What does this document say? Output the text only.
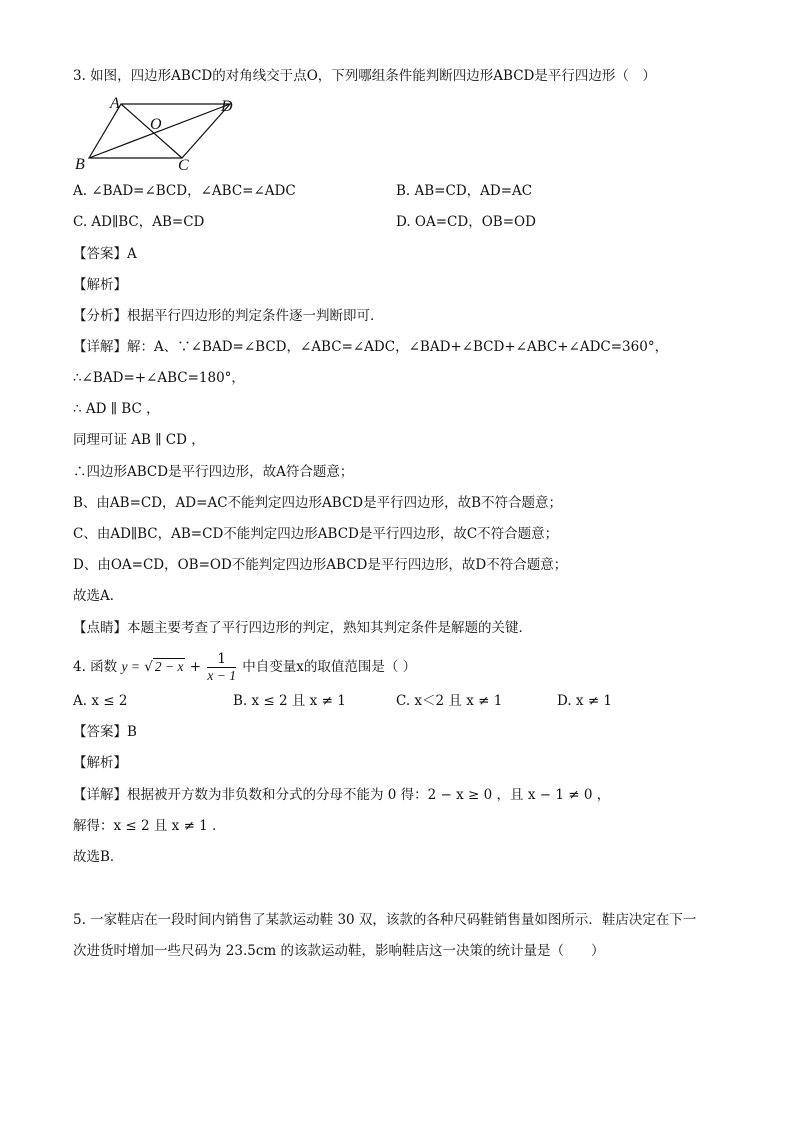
3. 如图，四边形ABCD的对角线交于点O，下列哪组条件能判断四边形ABCD是平行四边形（　）
A	D
O
B	C
A. ∠BAD=∠BCD，∠ABC=∠ADC	B. AB=CD，AD=AC
C. AD∥BC，AB=CD	D. OA=CD，OB=OD
【答案】A
【解析】
【分析】根据平行四边形的判定条件逐一判断即可．
【详解】解：A、∵∠BAD=∠BCD，∠ABC=∠ADC，∠BAD+∠BCD+∠ABC+∠ADC=360°，
∴∠BAD=+∠ABC=180°，
∴ AD ∥ BC ，
同理可证 AB ∥ CD ，
∴四边形ABCD是平行四边形，故A符合题意；
B、由AB=CD，AD=AC不能判定四边形ABCD是平行四边形，故B不符合题意；
C、由AD∥BC，AB=CD不能判定四边形ABCD是平行四边形，故C不符合题意；
D、由OA=CD，OB=OD不能判定四边形ABCD是平行四边形，故D不符合题意；
故选A．
【点睛】本题主要考查了平行四边形的判定，熟知其判定条件是解题的关键．
4. 函数 y = √ $2 - x + \frac{1}{x - 1}$ 中自变量x的取值范围是（ ）
A. x ≤ 2	B. x ≤ 2 且 x ≠ 1	C. x＜2 且 x ≠ 1	D. x ≠ 1
【答案】B
【解析】
【详解】根据被开方数为非负数和分式的分母不能为 0 得：2 − x ≥ 0 ，且 x − 1 ≠ 0 ，
解得：x ≤ 2 且 x ≠ 1 ．
故选B．
5. 一家鞋店在一段时间内销售了某款运动鞋 30 双，该款的各种尺码鞋销售量如图所示．鞋店决定在下一
次进货时增加一些尺码为 23.5cm 的该款运动鞋，影响鞋店这一决策的统计量是（　　）
